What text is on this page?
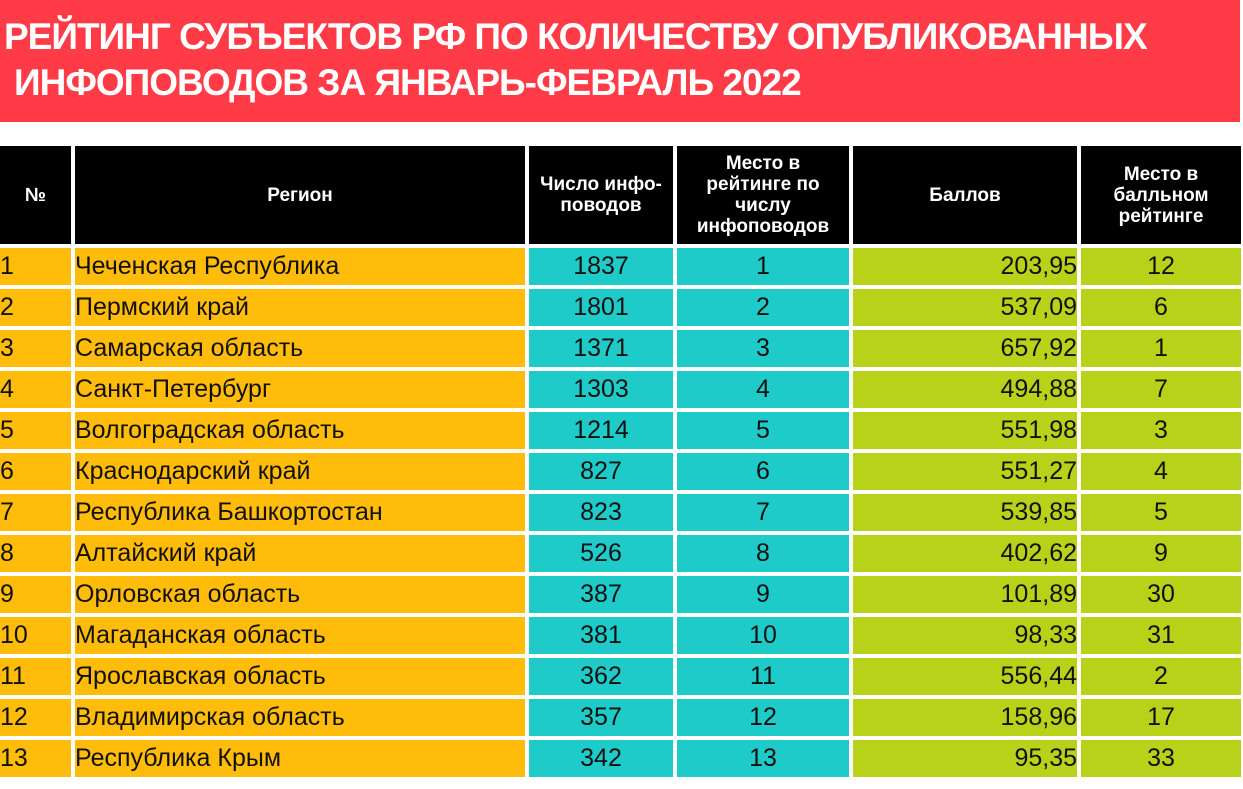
РЕЙТИНГ СУБЪЕКТОВ РФ ПО КОЛИЧЕСТВУ ОПУБЛИКОВАННЫХ
ИНФОПОВОДОВ ЗА ЯНВАРЬ-ФЕВРАЛЬ 2022
№	Регион	Число инфо-поводов	Место в рейтинге по числу инфоповодов	Баллов	Место в балльном рейтинге
1	Чеченская Республика	1837	1	203,95	12
2	Пермский край	1801	2	537,09	6
3	Самарская область	1371	3	657,92	1
4	Санкт-Петербург	1303	4	494,88	7
5	Волгоградская область	1214	5	551,98	3
6	Краснодарский край	827	6	551,27	4
7	Республика Башкортостан	823	7	539,85	5
8	Алтайский край	526	8	402,62	9
9	Орловская область	387	9	101,89	30
10	Магаданская область	381	10	98,33	31
11	Ярославская область	362	11	556,44	2
12	Владимирская область	357	12	158,96	17
13	Республика Крым	342	13	95,35	33
